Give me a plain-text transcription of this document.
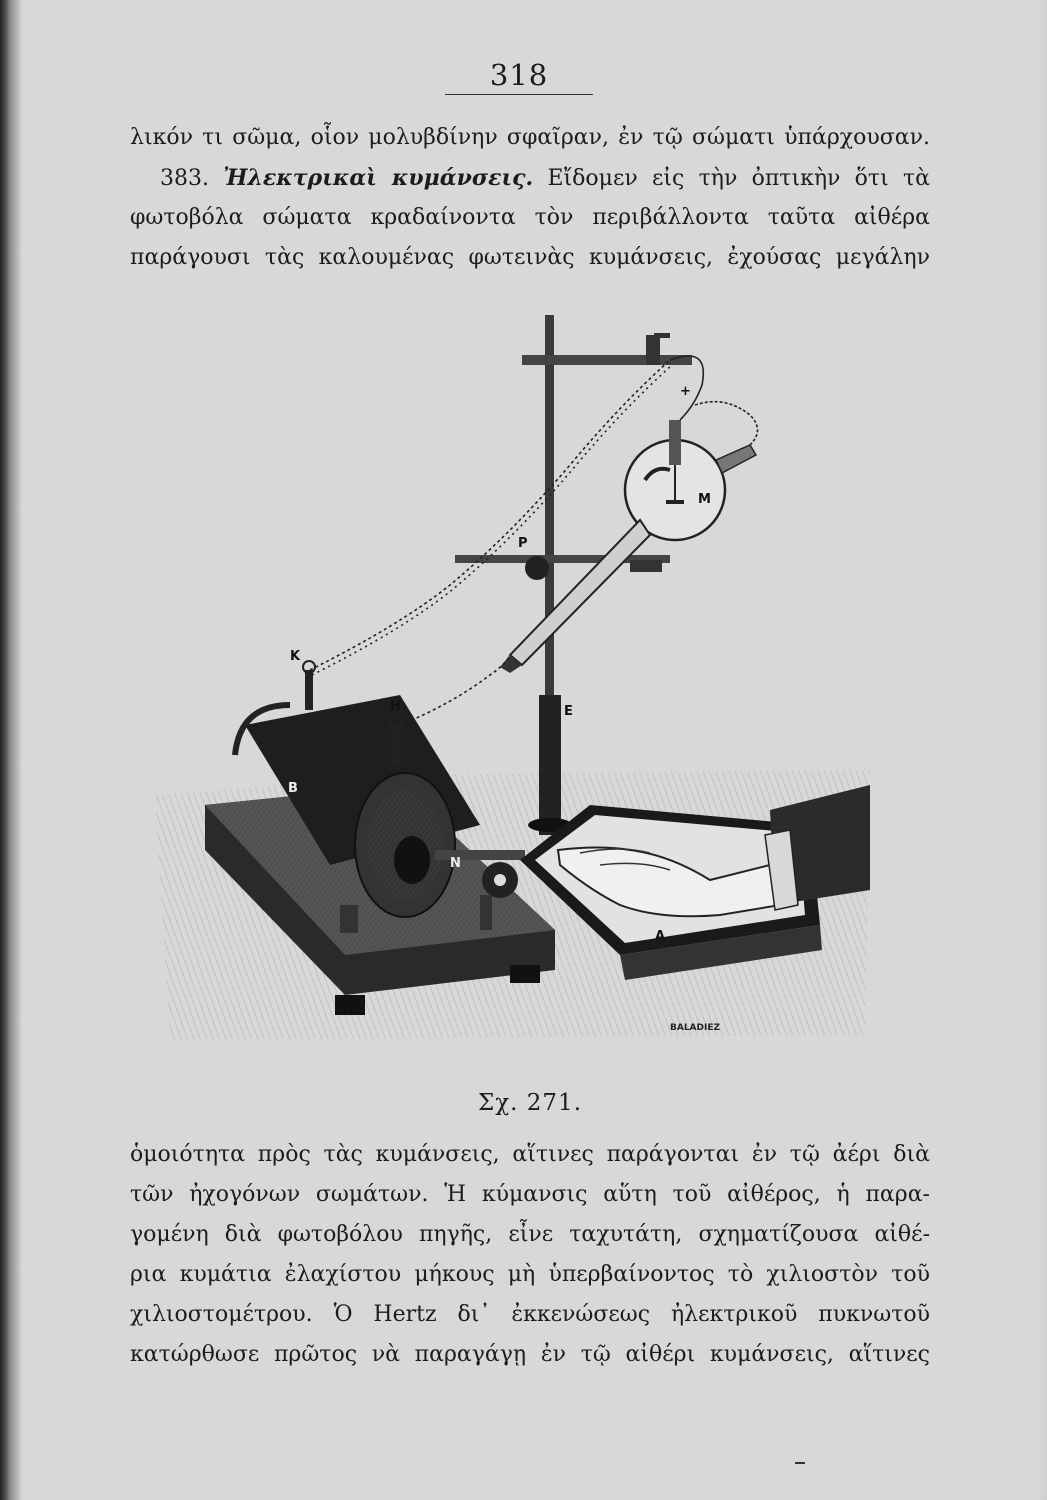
318
λικόν τι σῶμα, οἷον μολυβδίνην σφαῖραν, ἐν τῷ σώματι ὑπάρχουσαν.
383. Ἠλεκτρικαὶ κυμάνσεις. Εἴδομεν εἰς τὴν ὀπτικὴν ὅτι τὰ
φωτοβόλα σώματα κραδαίνοντα τὸν περιβάλλοντα ταῦτα αἰθέρα
παράγουσι τὰς καλουμένας φωτεινὰς κυμάνσεις, ἐχούσας μεγάλην
+
M
P
K
H	E
B
N
A
BALADIEZ
Σχ. 271.
ὁμοιότητα πρὸς τὰς κυμάνσεις, αἵτινες παράγονται ἐν τῷ ἀέρι διὰ
τῶν ἠχογόνων σωμάτων. Ἡ κύμανσις αὕτη τοῦ αἰθέρος, ἡ παρα-
γομένη διὰ φωτοβόλου πηγῆς, εἶνε ταχυτάτη, σχηματίζουσα αἰθέ-
ρια κυμάτια ἐλαχίστου μήκους μὴ ὑπερβαίνοντος τὸ χιλιοστὸν τοῦ
χιλιοστομέτρου. Ὁ Hertz δι᾽ ἐκκενώσεως ἠλεκτρικοῦ πυκνωτοῦ
κατώρθωσε πρῶτος νὰ παραγάγῃ ἐν τῷ αἰθέρι κυμάνσεις, αἵτινες
